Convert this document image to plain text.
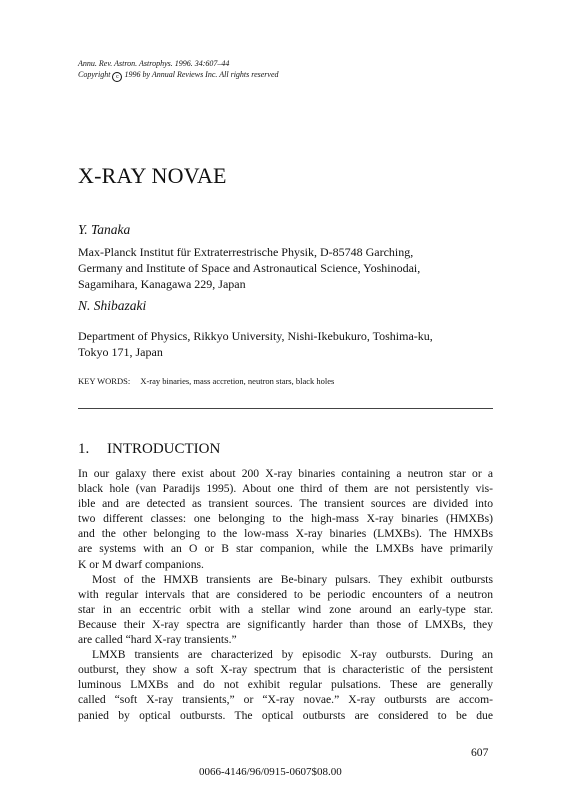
Annu. Rev. Astron. Astrophys. 1996. 34:607–44
Copyright c 1996 by Annual Reviews Inc. All rights reserved
X-RAY NOVAE
Y. Tanaka
Max-Planck Institut für Extraterrestrische Physik, D-85748 Garching,
Germany and Institute of Space and Astronautical Science, Yoshinodai,
Sagamihara, Kanagawa 229, Japan
N. Shibazaki
Department of Physics, Rikkyo University, Nishi-Ikebukuro, Toshima-ku,
Tokyo 171, Japan
KEY WORDS: X-ray binaries, mass accretion, neutron stars, black holes
1. INTRODUCTION
In our galaxy there exist about 200 X-ray binaries containing a neutron star or a
black hole (van Paradijs 1995). About one third of them are not persistently vis-
ible and are detected as transient sources. The transient sources are divided into
two different classes: one belonging to the high-mass X-ray binaries (HMXBs)
and the other belonging to the low-mass X-ray binaries (LMXBs). The HMXBs
are systems with an O or B star companion, while the LMXBs have primarily
K or M dwarf companions.
Most of the HMXB transients are Be-binary pulsars. They exhibit outbursts
with regular intervals that are considered to be periodic encounters of a neutron
star in an eccentric orbit with a stellar wind zone around an early-type star.
Because their X-ray spectra are significantly harder than those of LMXBs, they
are called “hard X-ray transients.”
LMXB transients are characterized by episodic X-ray outbursts. During an
outburst, they show a soft X-ray spectrum that is characteristic of the persistent
luminous LMXBs and do not exhibit regular pulsations. These are generally
called “soft X-ray transients,” or “X-ray novae.” X-ray outbursts are accom-
panied by optical outbursts. The optical outbursts are considered to be due
607
0066-4146/96/0915-0607$08.00
